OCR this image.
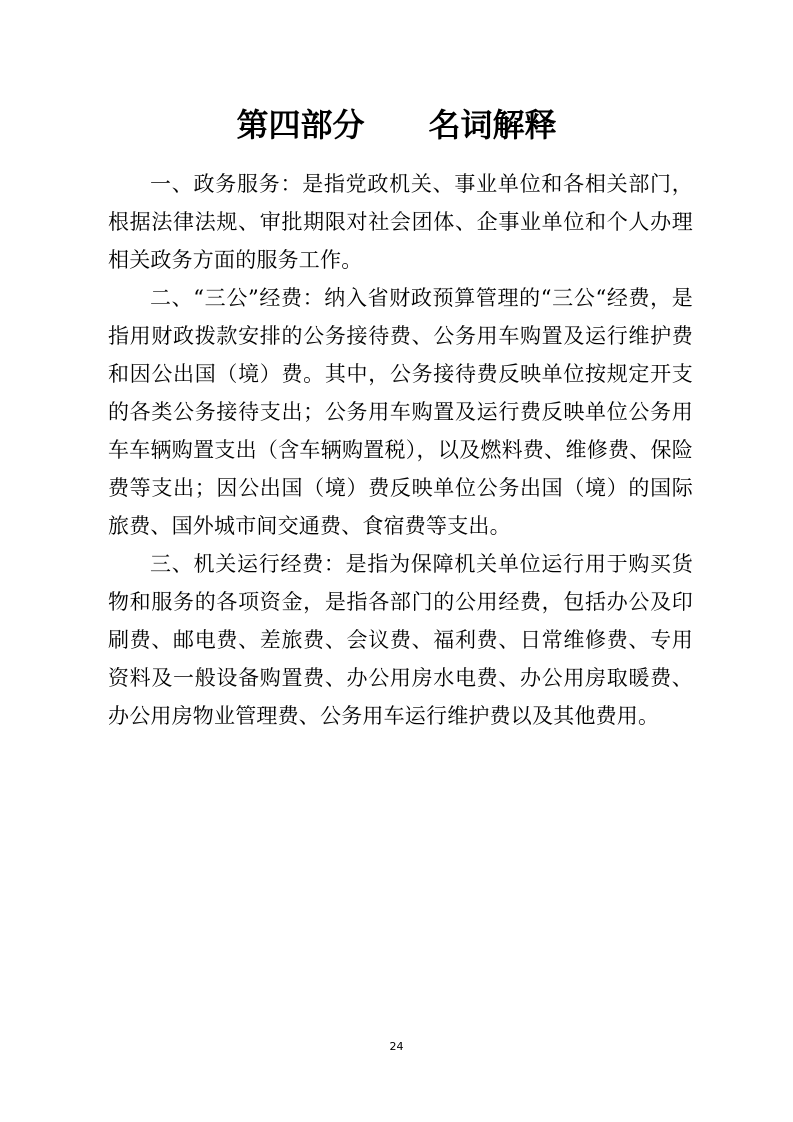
第四部分　　名词解释

一、政务服务：是指党政机关、事业单位和各相关部门，根据法律法规、审批期限对社会团体、企事业单位和个人办理相关政务方面的服务工作。

二、“三公”经费：纳入省财政预算管理的“三公“经费，是指用财政拨款安排的公务接待费、公务用车购置及运行维护费和因公出国（境）费。其中，公务接待费反映单位按规定开支的各类公务接待支出；公务用车购置及运行费反映单位公务用车车辆购置支出（含车辆购置税），以及燃料费、维修费、保险费等支出；因公出国（境）费反映单位公务出国（境）的国际旅费、国外城市间交通费、食宿费等支出。

三、机关运行经费：是指为保障机关单位运行用于购买货物和服务的各项资金，是指各部门的公用经费，包括办公及印刷费、邮电费、差旅费、会议费、福利费、日常维修费、专用资料及一般设备购置费、办公用房水电费、办公用房取暖费、办公用房物业管理费、公务用车运行维护费以及其他费用。

24
